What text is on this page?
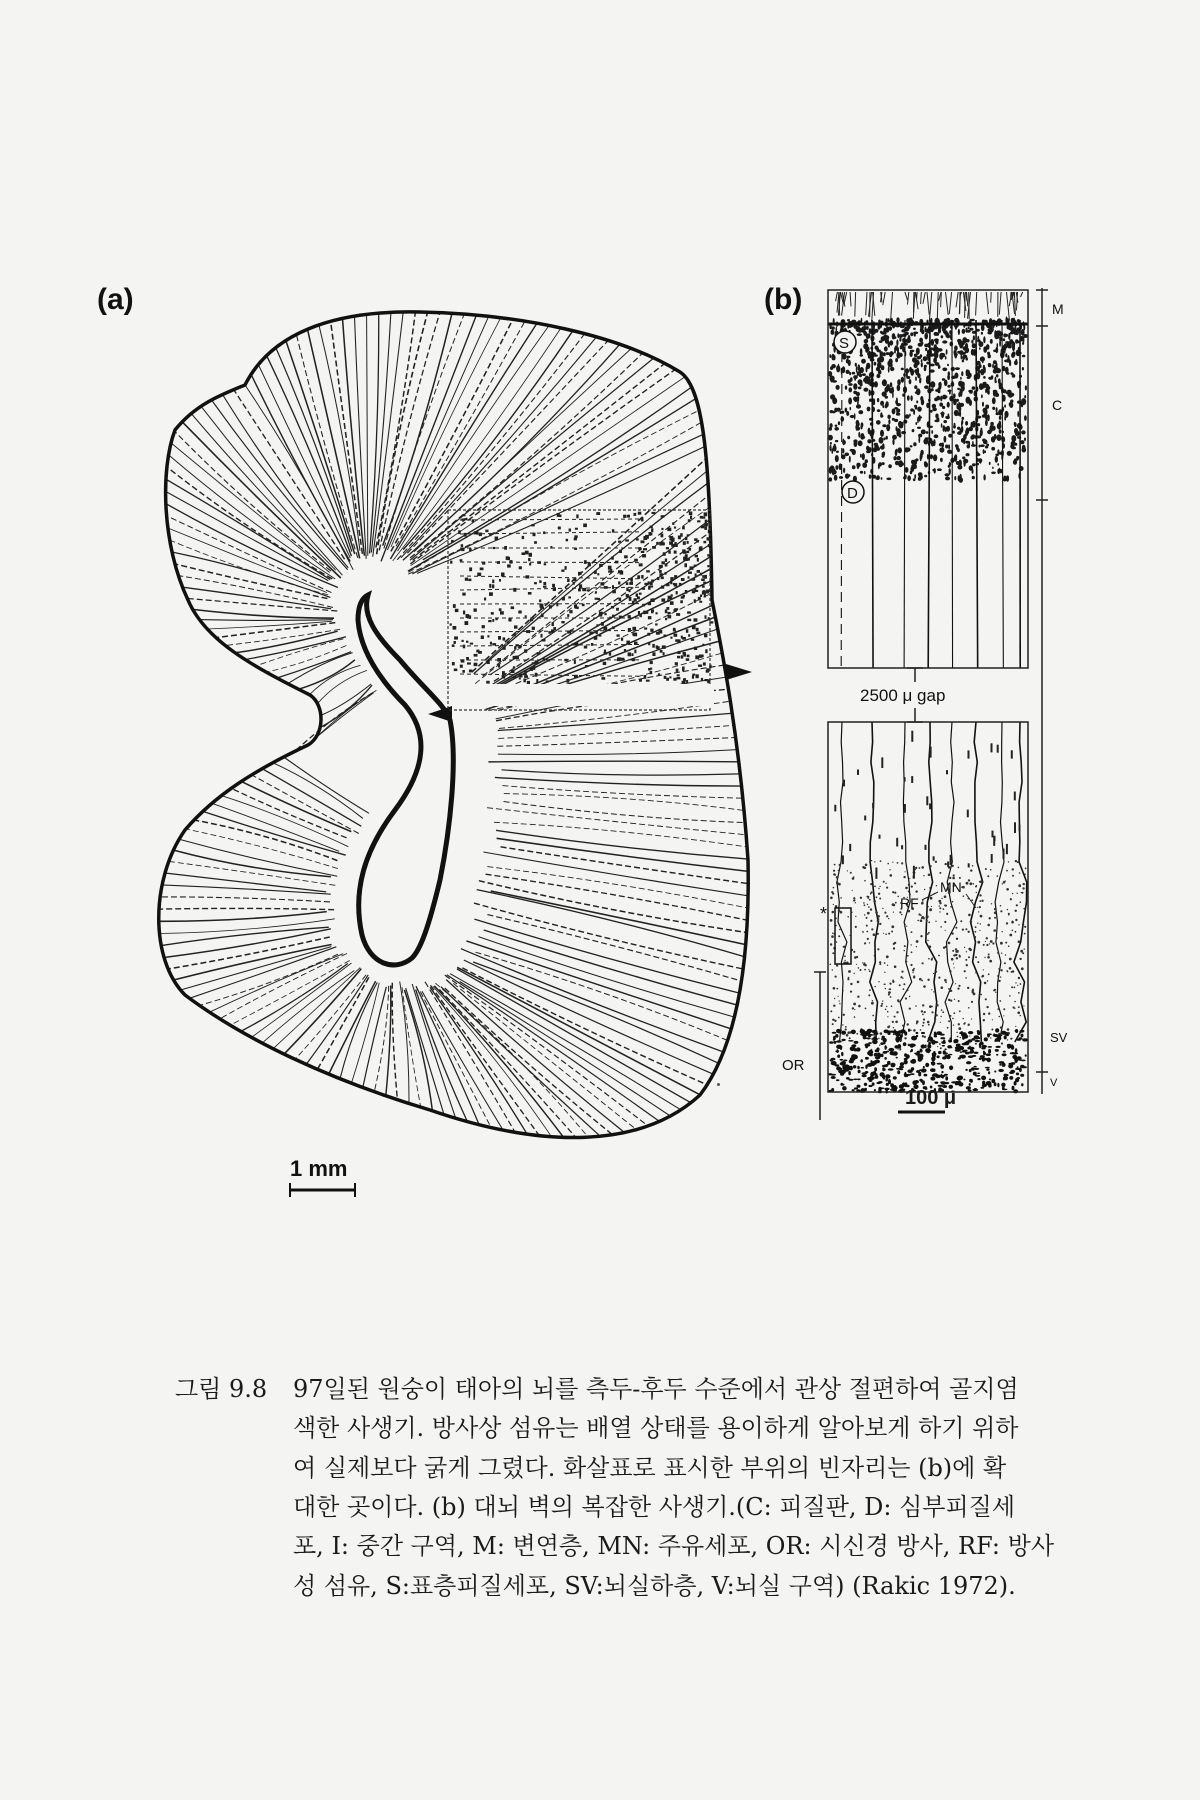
(a)	(b)
1 mm
M
C
SV
V
S
D
2500 μ gap
*
OR
RF
MN
100 μ
그림 9.8	97일된 원숭이 태아의 뇌를 측두-후두 수준에서 관상 절편하여 골지염
색한 사생기. 방사상 섬유는 배열 상태를 용이하게 알아보게 하기 위하
여 실제보다 굵게 그렸다. 화살표로 표시한 부위의 빈자리는 (b)에 확
대한 곳이다. (b) 대뇌 벽의 복잡한 사생기.(C: 피질판, D: 심부피질세
포, I: 중간 구역, M: 변연층, MN: 주유세포, OR: 시신경 방사, RF: 방사
성 섬유, S:표층피질세포, SV:뇌실하층, V:뇌실 구역) (Rakic 1972).
